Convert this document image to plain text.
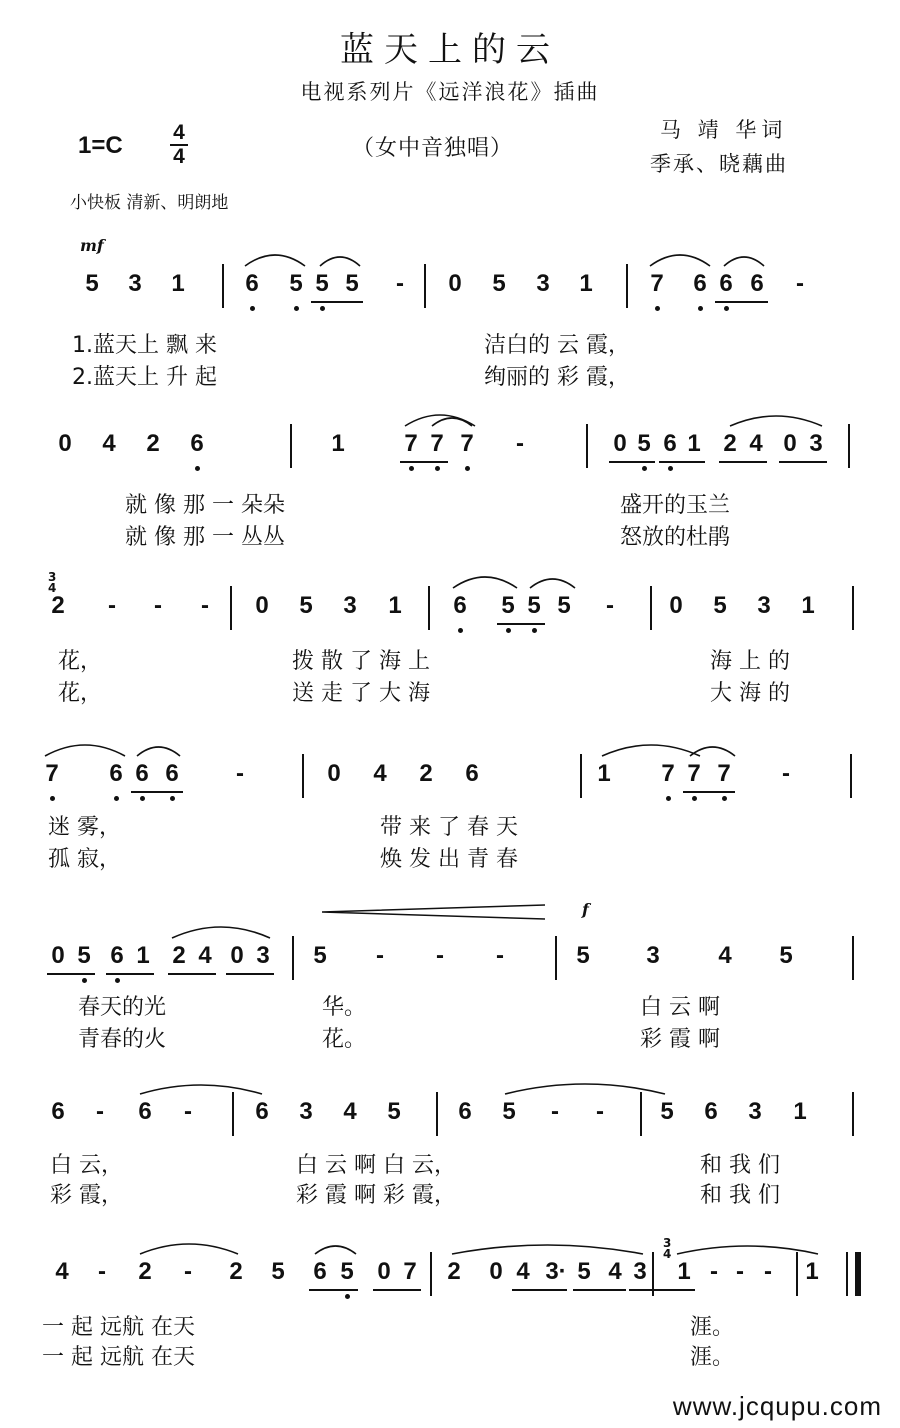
蓝天上的云
电视系列片《远洋浪花》插曲
1=C 4
4	（女中音独唱）
马 靖 华词
季承、晓藕曲
小快板 清新、明朗地
5 3 1	6 5 5 5	-	0 5 3 1 7 6 6 6	-
1.蓝天上 飘 来	洁白的 云 霞，
2.蓝天上 升 起	绚丽的 彩 霞，
0 4 2 6	1 7 7 7	-	0 5 6 1 2 4 0 3
就 像 那 一 朵朵	盛开的玉兰
就 像 那 一 丛丛	怒放的杜鹃
2	-	-	-	0 5 3 1 6 5 5 5	-	0 5 3 1
花，	拨 散 了 海 上	海 上 的
花，	送 走 了 大 海	大 海 的
7 6 6 6	-	0 4 2 6	1 7 7 7	-
迷 雾，	带 来 了 春 天
孤 寂，	焕 发 出 青 春
0 5 6 1 2 4 0 3 5	-	-	-	5 3 4 5
春天的光	华。	白 云 啊
青春的火	花。	彩 霞 啊
6	-	6	-	6 3 4 5 6 5	-	-	5 6 3 1
白 云，	白 云 啊 白 云，	和 我 们
彩 霞，	彩 霞 啊 彩 霞，	和 我 们
4	-	2	-	2 5 6 5 0 7 2 0 4 3· 5 4 3 1 - - -	1
一 起 远航 在天	涯。
一 起 远航 在天	涯。
mf
f
3
4
3
4
www.jcqupu.com
